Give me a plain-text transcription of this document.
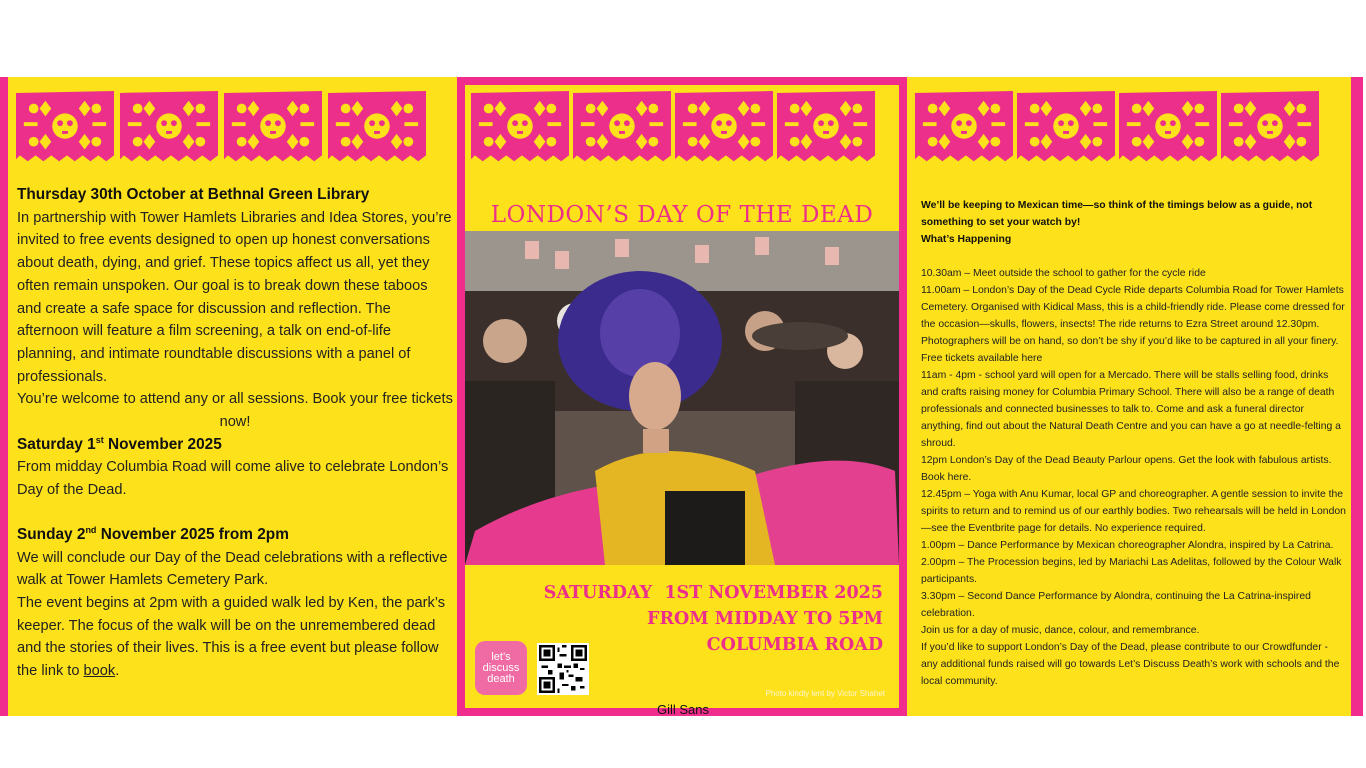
Thursday 30th October at Bethnal Green Library

In partnership with Tower Hamlets Libraries and Idea Stores, you’re invited to free events designed to open up honest conversations about death, dying, and grief. These topics affect us all, yet they often remain unspoken. Our goal is to break down these taboos and create a safe space for discussion and reflection. The afternoon will feature a film screening, a talk on end-of-life planning, and intimate roundtable discussions with a panel of professionals.

You’re welcome to attend any or all sessions. Book your free tickets

now!

Saturday 1st November 2025

From midday Columbia Road will come alive to celebrate London’s Day of the Dead.

Sunday 2nd November 2025 from 2pm

We will conclude our Day of the Dead celebrations with a reflective walk at Tower Hamlets Cemetery Park.

The event begins at 2pm with a guided walk led by Ken, the park’s keeper. The focus of the walk will be on the unremembered dead and the stories of their lives. This is a free event but please follow the link to book.

LONDON’S DAY OF THE DEAD
SATURDAY  1ST NOVEMBER 2025
FROM MIDDAY TO 5PM
COLUMBIA ROAD
let’s
discuss
death
Photo kindly lent by Victor Shahet

We’ll be keeping to Mexican time—so think of the timings below as a guide, not something to set your watch by!

What’s Happening

10.30am – Meet outside the school to gather for the cycle ride

11.00am – London’s Day of the Dead Cycle Ride departs Columbia Road for Tower Hamlets Cemetery. Organised with Kidical Mass, this is a child-friendly ride. Please come dressed for the occasion—skulls, flowers, insects! The ride returns to Ezra Street around 12.30pm. Photographers will be on hand, so don’t be shy if you’d like to be captured in all your finery. Free tickets available here

11am - 4pm - school yard will open for a Mercado. There will be stalls selling food, drinks and crafts raising money for Columbia Primary School. There will also be a range of death professionals and connected businesses to talk to. Come and ask a funeral director anything, find out about the Natural Death Centre and you can have a go at needle-felting a shroud.

12pm London’s Day of the Dead Beauty Parlour opens. Get the look with fabulous artists. Book here.

12.45pm – Yoga with Anu Kumar, local GP and choreographer. A gentle session to invite the spirits to return and to remind us of our earthly bodies. Two rehearsals will be held in London—see the Eventbrite page for details. No experience required.

1.00pm – Dance Performance by Mexican choreographer Alondra, inspired by La Catrina.

2.00pm – The Procession begins, led by Mariachi Las Adelitas, followed by the Colour Walk participants.

3.30pm – Second Dance Performance by Alondra, continuing the La Catrina-inspired celebration.

Join us for a day of music, dance, colour, and remembrance.

If you’d like to support London’s Day of the Dead, please contribute to our Crowdfunder - any additional funds raised will go towards Let’s Discuss Death’s work with schools and the local community.

Gill Sans
